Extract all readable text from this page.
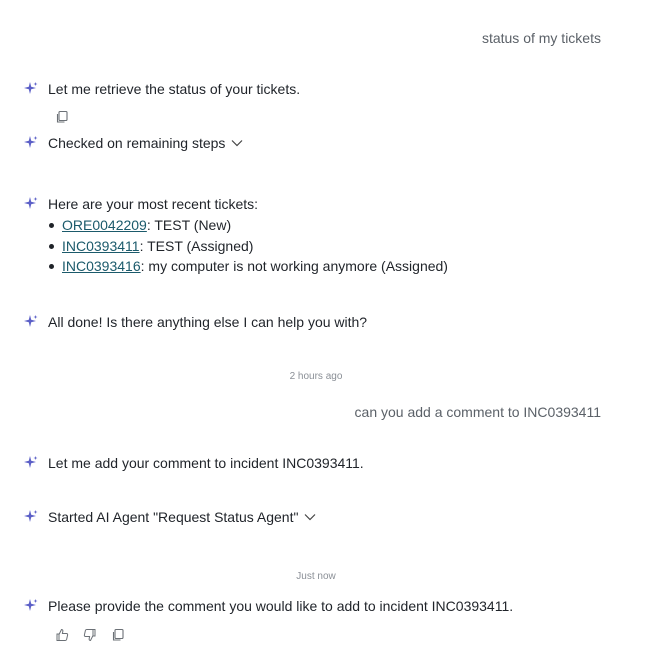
status of my tickets
Let me retrieve the status of your tickets.
Checked on remaining steps
Here are your most recent tickets:
ORE0042209: TEST (New)
INC0393411: TEST (Assigned)
INC0393416: my computer is not working anymore (Assigned)
All done! Is there anything else I can help you with?
2 hours ago
can you add a comment to INC0393411
Let me add your comment to incident INC0393411.
Started AI Agent "Request Status Agent"
Just now
Please provide the comment you would like to add to incident INC0393411.
